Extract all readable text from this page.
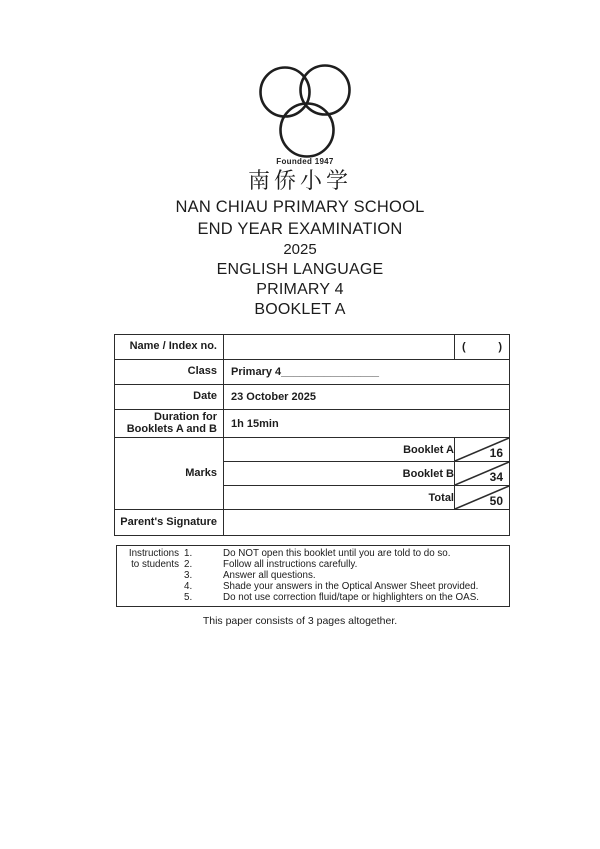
Founded 1947
南侨小学
NAN CHIAU PRIMARY SCHOOL
END YEAR EXAMINATION
2025
ENGLISH LANGUAGE
PRIMARY 4
BOOKLET A
Name / Index no.		( )

Class	Primary 4________________	
Date	23 October 2025	

Duration for
Booklets A and B	1h 15min	
Marks	Booklet A	16

	Booklet B	34

	Total	50

Parent's Signature		
Instructions
to students
1.	Do NOT open this booklet until you are told to do so.
2.	Follow all instructions carefully.
3.	Answer all questions.
4.	Shade your answers in the Optical Answer Sheet provided.
5.	Do not use correction fluid/tape or highlighters on the OAS.
This paper consists of 3 pages altogether.
